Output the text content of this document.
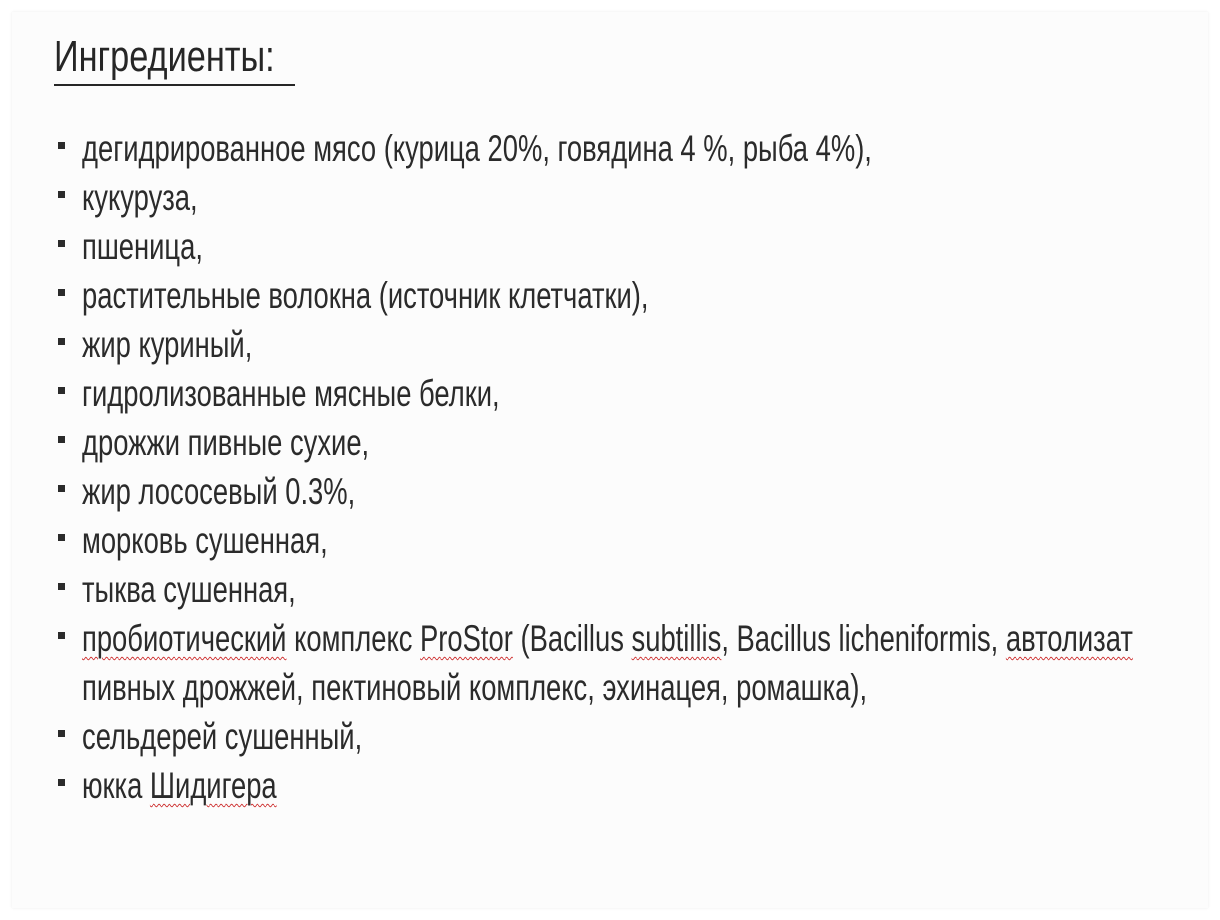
Ингредиенты:
дегидрированное мясо (курица 20%, говядина 4 %, рыба 4%),
кукуруза,
пшеница,
растительные волокна (источник клетчатки),
жир куриный,
гидролизованные мясные белки,
дрожжи пивные сухие,
жир лососевый 0.3%,
морковь сушенная,
тыква сушенная,
пробиотический комплекс ProStor (Bacillus subtillis, Bacillus licheniformis, автолизат
пивных дрожжей, пектиновый комплекс, эхинацея, ромашка),
сельдерей сушенный,
юкка Шидигера
